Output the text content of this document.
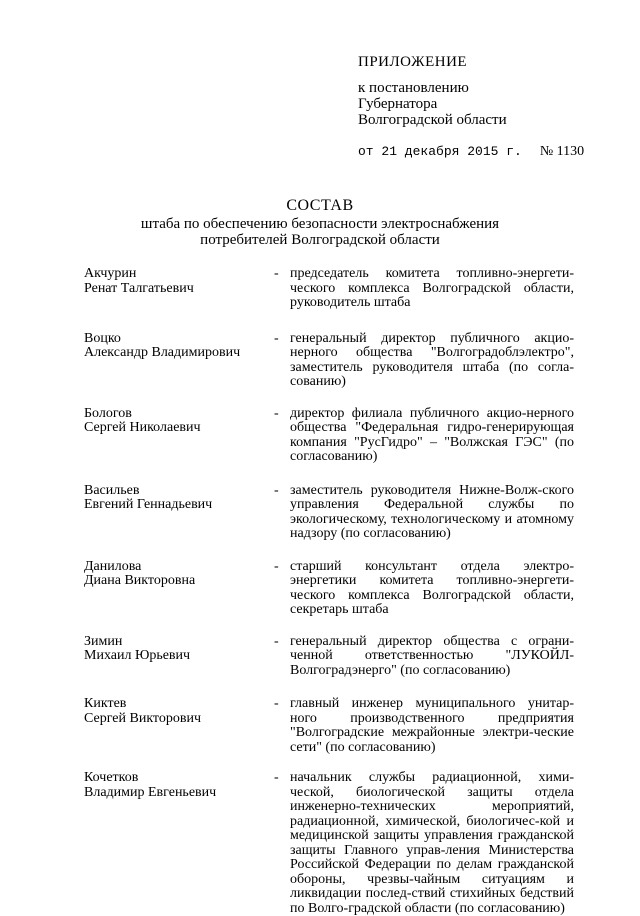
ПРИЛОЖЕНИЕ
к постановлению
Губернатора
Волгоградской области
от 21 декабря 2015 г. № 1130
СОСТАВ
штаба по обеспечению безопасности электроснабжения
потребителей Волгоградской области
Акчурин
Ренат Талгатьевич
- председатель комитета топливно-энергети-ческого комплекса Волгоградской области, руководитель штаба
Воцко
Александр Владимирович
- генеральный директор публичного акцио-нерного общества "Волгоградоблэлектро", заместитель руководителя штаба (по согла-сованию)
Бологов
Сергей Николаевич
- директор филиала публичного акцио-нерного общества "Федеральная гидро-генерирующая компания "РусГидро" – "Волжская ГЭС" (по согласованию)
Васильев
Евгений Геннадьевич
- заместитель руководителя Нижне-Волж-ского управления Федеральной службы по экологическому, технологическому и атомному надзору (по согласованию)
Данилова
Диана Викторовна
- старший консультант отдела электро-энергетики комитета топливно-энергети-ческого комплекса Волгоградской области, секретарь штаба
Зимин
Михаил Юрьевич
- генеральный директор общества с ограни-ченной ответственностью "ЛУКОЙЛ-Волгоградэнерго" (по согласованию)
Киктев
Сергей Викторович
- главный инженер муниципального унитар-ного производственного предприятия "Волгоградские межрайонные электри-ческие сети" (по согласованию)
Кочетков
Владимир Евгеньевич
- начальник службы радиационной, хими-ческой, биологической защиты отдела инженерно-технических мероприятий, радиационной, химической, биологичес-кой и медицинской защиты управления гражданской защиты Главного управ-ления Министерства Российской Федерации по делам гражданской обороны, чрезвы-чайным ситуациям и ликвидации послед-ствий стихийных бедствий по Волго-градской области (по согласованию)
